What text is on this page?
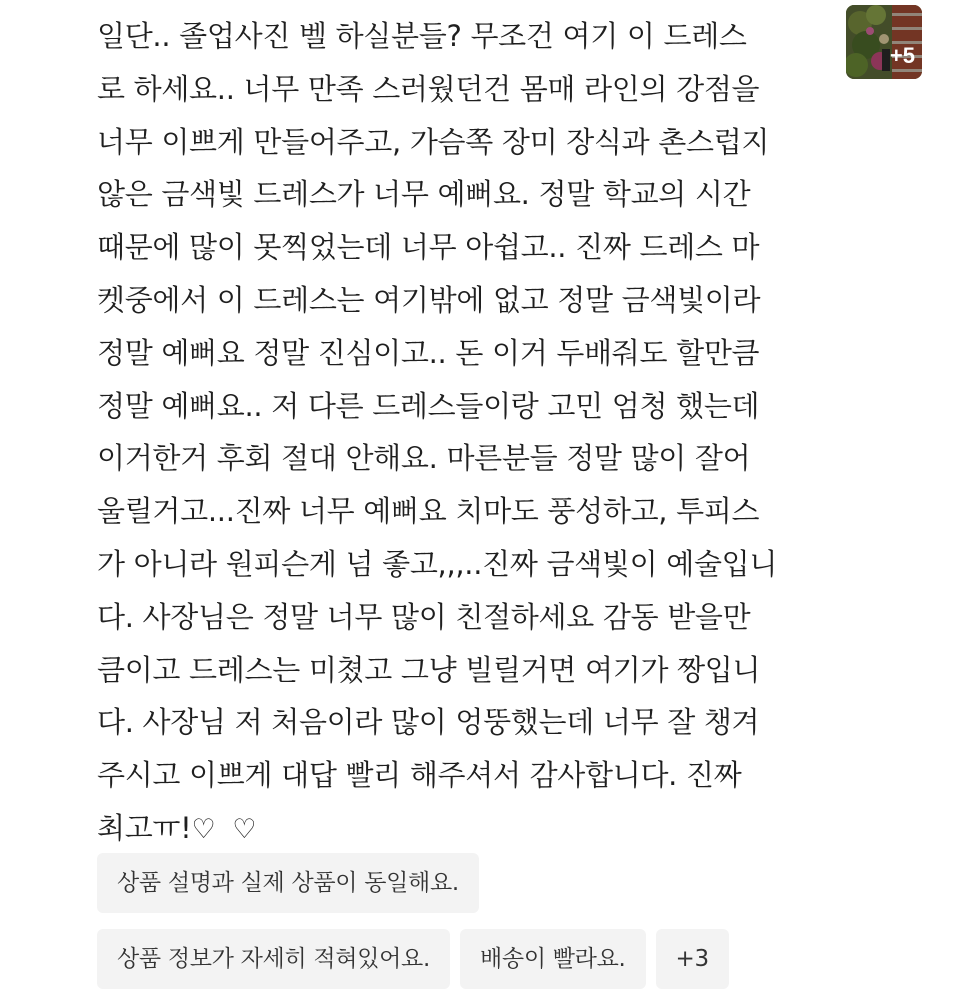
일단.. 졸업사진 벨 하실분들? 무조건 여기 이 드레스
로 하세요.. 너무 만족 스러웠던건 몸매 라인의 강점을
너무 이쁘게 만들어주고, 가슴쪽 장미 장식과 촌스럽지
않은 금색빛 드레스가 너무 예뻐요. 정말 학교의 시간
때문에 많이 못찍었는데 너무 아쉽고.. 진짜 드레스 마
켓중에서 이 드레스는 여기밖에 없고 정말 금색빛이라
정말 예뻐요 정말 진심이고.. 돈 이거 두배줘도 할만큼
정말 예뻐요.. 저 다른 드레스들이랑 고민 엄청 했는데
이거한거 후회 절대 안해요. 마른분들 정말 많이 잘어
울릴거고...진짜 너무 예뻐요 치마도 풍성하고, 투피스
가 아니라 원피슨게 넘 좋고,,,..진짜 금색빛이 예술입니
다. 사장님은 정말 너무 많이 친절하세요 감동 받을만
큼이고 드레스는 미쳤고 그냥 빌릴거면 여기가 짱입니
다. 사장님 저 처음이라 많이 엉뚱했는데 너무 잘 챙겨
주시고 이쁘게 대답 빨리 해주셔서 감사합니다. 진짜
최고ㅠ!♡ ♡
+5
상품 설명과 실제 상품이 동일해요.
상품 정보가 자세히 적혀있어요.	배송이 빨라요.	+3
